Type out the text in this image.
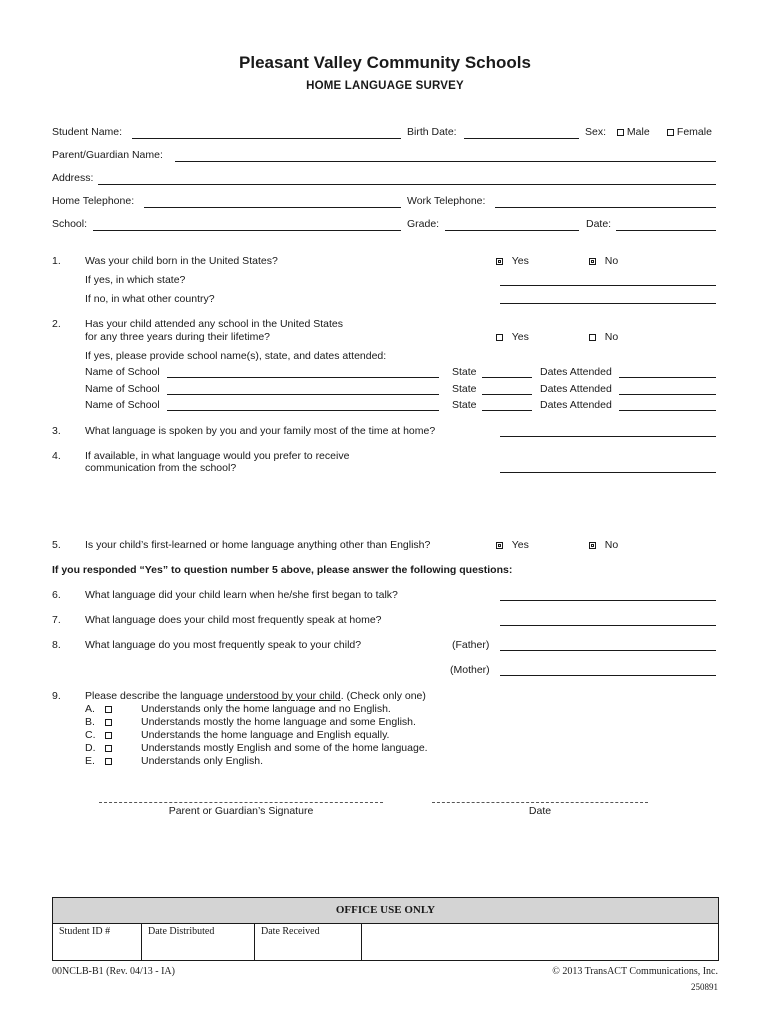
Pleasant Valley Community Schools
HOME LANGUAGE SURVEY
Student Name:	Birth Date:	Sex:	Male	Female
Parent/Guardian Name:
Address:
Home Telephone:	Work Telephone:
School:	Grade:	Date:
1. Was your child born in the United States?	Yes	No
If yes, in which state?
If no, in what other country?
2. Has your child attended any school in the United States
for any three years during their lifetime?	Yes	No
If yes, please provide school name(s), state, and dates attended:
Name of School	State	Dates Attended
Name of School	State	Dates Attended
Name of School	State	Dates Attended
3. What language is spoken by you and your family most of the time at home?
4. If available, in what language would you prefer to receive
communication from the school?
5. Is your child’s first-learned or home language anything other than English?	Yes	No
If you responded “Yes” to question number 5 above, please answer the following questions:
6. What language did your child learn when he/she first began to talk?
7. What language does your child most frequently speak at home?
8. What language do you most frequently speak to your child?	(Father)
(Mother)
9. Please describe the language understood by your child. (Check only one)
A.	Understands only the home language and no English.
B.	Understands mostly the home language and some English.
C.	Understands the home language and English equally.
D.	Understands mostly English and some of the home language.
E.	Understands only English.
Parent or Guardian’s Signature	Date
OFFICE USE ONLY
Student ID #	Date Distributed	Date Received
00NCLB-B1 (Rev. 04/13 - IA)	© 2013 TransACT Communications, Inc.
250891
